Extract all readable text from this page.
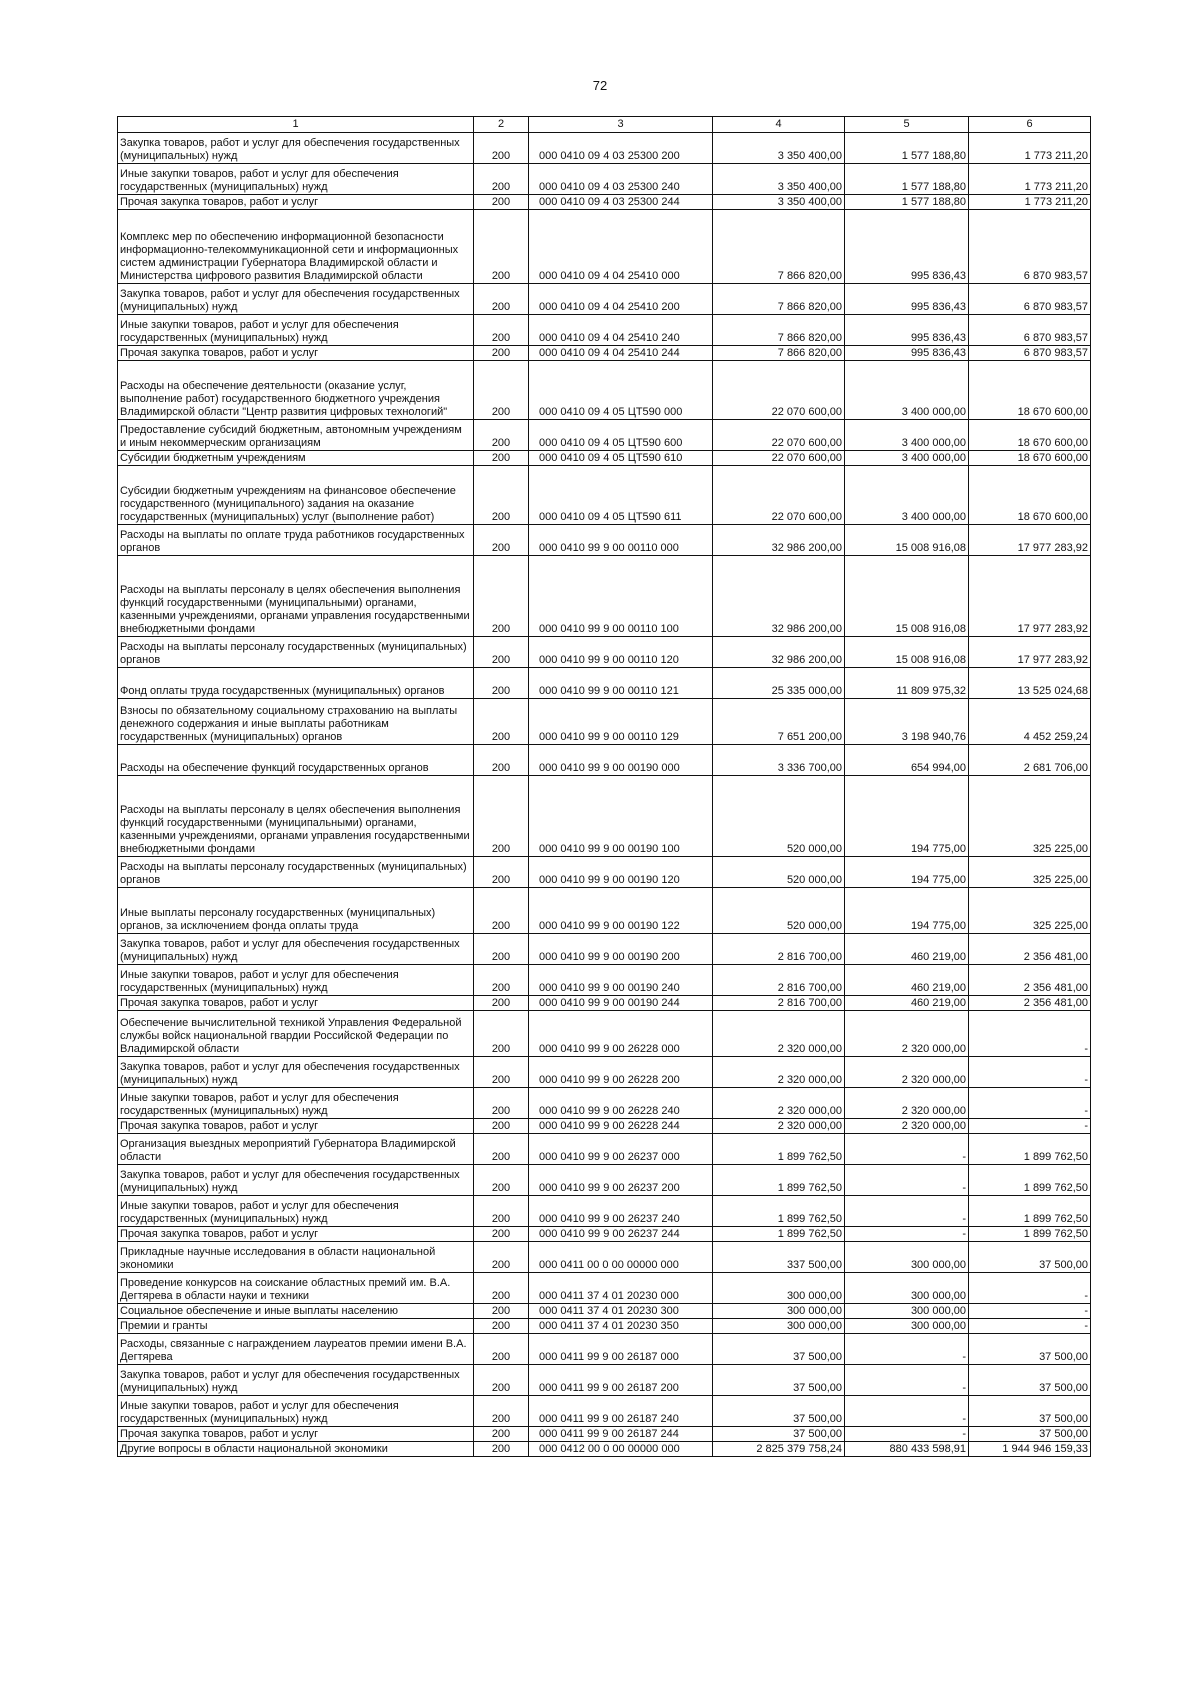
72
1	2	3	4	5	6
Закупка товаров, работ и услуг для обеспечения государственных (муниципальных) нужд	200	000 0410 09 4 03 25300 200	3 350 400,00	1 577 188,80	1 773 211,20
Иные закупки товаров, работ и услуг для обеспечения государственных (муниципальных) нужд	200	000 0410 09 4 03 25300 240	3 350 400,00	1 577 188,80	1 773 211,20
Прочая закупка товаров, работ и услуг	200	000 0410 09 4 03 25300 244	3 350 400,00	1 577 188,80	1 773 211,20
Комплекс мер по обеспечению информационной безопасности информационно-телекоммуникационной сети и информационных систем администрации Губернатора Владимирской области и Министерства цифрового развития Владимирской области	200	000 0410 09 4 04 25410 000	7 866 820,00	995 836,43	6 870 983,57
Закупка товаров, работ и услуг для обеспечения государственных (муниципальных) нужд	200	000 0410 09 4 04 25410 200	7 866 820,00	995 836,43	6 870 983,57
Иные закупки товаров, работ и услуг для обеспечения государственных (муниципальных) нужд	200	000 0410 09 4 04 25410 240	7 866 820,00	995 836,43	6 870 983,57
Прочая закупка товаров, работ и услуг	200	000 0410 09 4 04 25410 244	7 866 820,00	995 836,43	6 870 983,57
Расходы на обеспечение деятельности (оказание услуг, выполнение работ) государственного бюджетного учреждения Владимирской области "Центр развития цифровых технологий"	200	000 0410 09 4 05 ЦТ590 000	22 070 600,00	3 400 000,00	18 670 600,00
Предоставление субсидий бюджетным, автономным учреждениям и иным некоммерческим организациям	200	000 0410 09 4 05 ЦТ590 600	22 070 600,00	3 400 000,00	18 670 600,00
Субсидии бюджетным учреждениям	200	000 0410 09 4 05 ЦТ590 610	22 070 600,00	3 400 000,00	18 670 600,00
Субсидии бюджетным учреждениям на финансовое обеспечение государственного (муниципального) задания на оказание государственных (муниципальных) услуг (выполнение работ)	200	000 0410 09 4 05 ЦТ590 611	22 070 600,00	3 400 000,00	18 670 600,00
Расходы на выплаты по оплате труда работников государственных органов	200	000 0410 99 9 00 00110 000	32 986 200,00	15 008 916,08	17 977 283,92
Расходы на выплаты персоналу в целях обеспечения выполнения функций государственными (муниципальными) органами, казенными учреждениями, органами управления государственными внебюджетными фондами	200	000 0410 99 9 00 00110 100	32 986 200,00	15 008 916,08	17 977 283,92
Расходы на выплаты персоналу государственных (муниципальных) органов	200	000 0410 99 9 00 00110 120	32 986 200,00	15 008 916,08	17 977 283,92
Фонд оплаты труда государственных (муниципальных) органов	200	000 0410 99 9 00 00110 121	25 335 000,00	11 809 975,32	13 525 024,68
Взносы по обязательному социальному страхованию на выплаты денежного содержания и иные выплаты работникам государственных (муниципальных) органов	200	000 0410 99 9 00 00110 129	7 651 200,00	3 198 940,76	4 452 259,24
Расходы на обеспечение функций государственных органов	200	000 0410 99 9 00 00190 000	3 336 700,00	654 994,00	2 681 706,00
Расходы на выплаты персоналу в целях обеспечения выполнения функций государственными (муниципальными) органами, казенными учреждениями, органами управления государственными внебюджетными фондами	200	000 0410 99 9 00 00190 100	520 000,00	194 775,00	325 225,00
Расходы на выплаты персоналу государственных (муниципальных) органов	200	000 0410 99 9 00 00190 120	520 000,00	194 775,00	325 225,00
Иные выплаты персоналу государственных (муниципальных) органов, за исключением фонда оплаты труда	200	000 0410 99 9 00 00190 122	520 000,00	194 775,00	325 225,00
Закупка товаров, работ и услуг для обеспечения государственных (муниципальных) нужд	200	000 0410 99 9 00 00190 200	2 816 700,00	460 219,00	2 356 481,00
Иные закупки товаров, работ и услуг для обеспечения государственных (муниципальных) нужд	200	000 0410 99 9 00 00190 240	2 816 700,00	460 219,00	2 356 481,00
Прочая закупка товаров, работ и услуг	200	000 0410 99 9 00 00190 244	2 816 700,00	460 219,00	2 356 481,00
Обеспечение вычислительной техникой Управления Федеральной службы войск национальной гвардии Российской Федерации по Владимирской области	200	000 0410 99 9 00 26228 000	2 320 000,00	2 320 000,00	-
Закупка товаров, работ и услуг для обеспечения государственных (муниципальных) нужд	200	000 0410 99 9 00 26228 200	2 320 000,00	2 320 000,00	-
Иные закупки товаров, работ и услуг для обеспечения государственных (муниципальных) нужд	200	000 0410 99 9 00 26228 240	2 320 000,00	2 320 000,00	-
Прочая закупка товаров, работ и услуг	200	000 0410 99 9 00 26228 244	2 320 000,00	2 320 000,00	-
Организация выездных мероприятий Губернатора Владимирской области	200	000 0410 99 9 00 26237 000	1 899 762,50	-	1 899 762,50
Закупка товаров, работ и услуг для обеспечения государственных (муниципальных) нужд	200	000 0410 99 9 00 26237 200	1 899 762,50	-	1 899 762,50
Иные закупки товаров, работ и услуг для обеспечения государственных (муниципальных) нужд	200	000 0410 99 9 00 26237 240	1 899 762,50	-	1 899 762,50
Прочая закупка товаров, работ и услуг	200	000 0410 99 9 00 26237 244	1 899 762,50	-	1 899 762,50
Прикладные научные исследования в области национальной экономики	200	000 0411 00 0 00 00000 000	337 500,00	300 000,00	37 500,00
Проведение конкурсов на соискание областных премий им. В.А. Дегтярева в области науки и техники	200	000 0411 37 4 01 20230 000	300 000,00	300 000,00	-
Социальное обеспечение и иные выплаты населению	200	000 0411 37 4 01 20230 300	300 000,00	300 000,00	-
Премии и гранты	200	000 0411 37 4 01 20230 350	300 000,00	300 000,00	-
Расходы, связанные с награждением лауреатов премии имени В.А. Дегтярева	200	000 0411 99 9 00 26187 000	37 500,00	-	37 500,00
Закупка товаров, работ и услуг для обеспечения государственных (муниципальных) нужд	200	000 0411 99 9 00 26187 200	37 500,00	-	37 500,00
Иные закупки товаров, работ и услуг для обеспечения государственных (муниципальных) нужд	200	000 0411 99 9 00 26187 240	37 500,00	-	37 500,00
Прочая закупка товаров, работ и услуг	200	000 0411 99 9 00 26187 244	37 500,00	-	37 500,00
Другие вопросы в области национальной экономики	200	000 0412 00 0 00 00000 000	2 825 379 758,24	880 433 598,91	1 944 946 159,33
